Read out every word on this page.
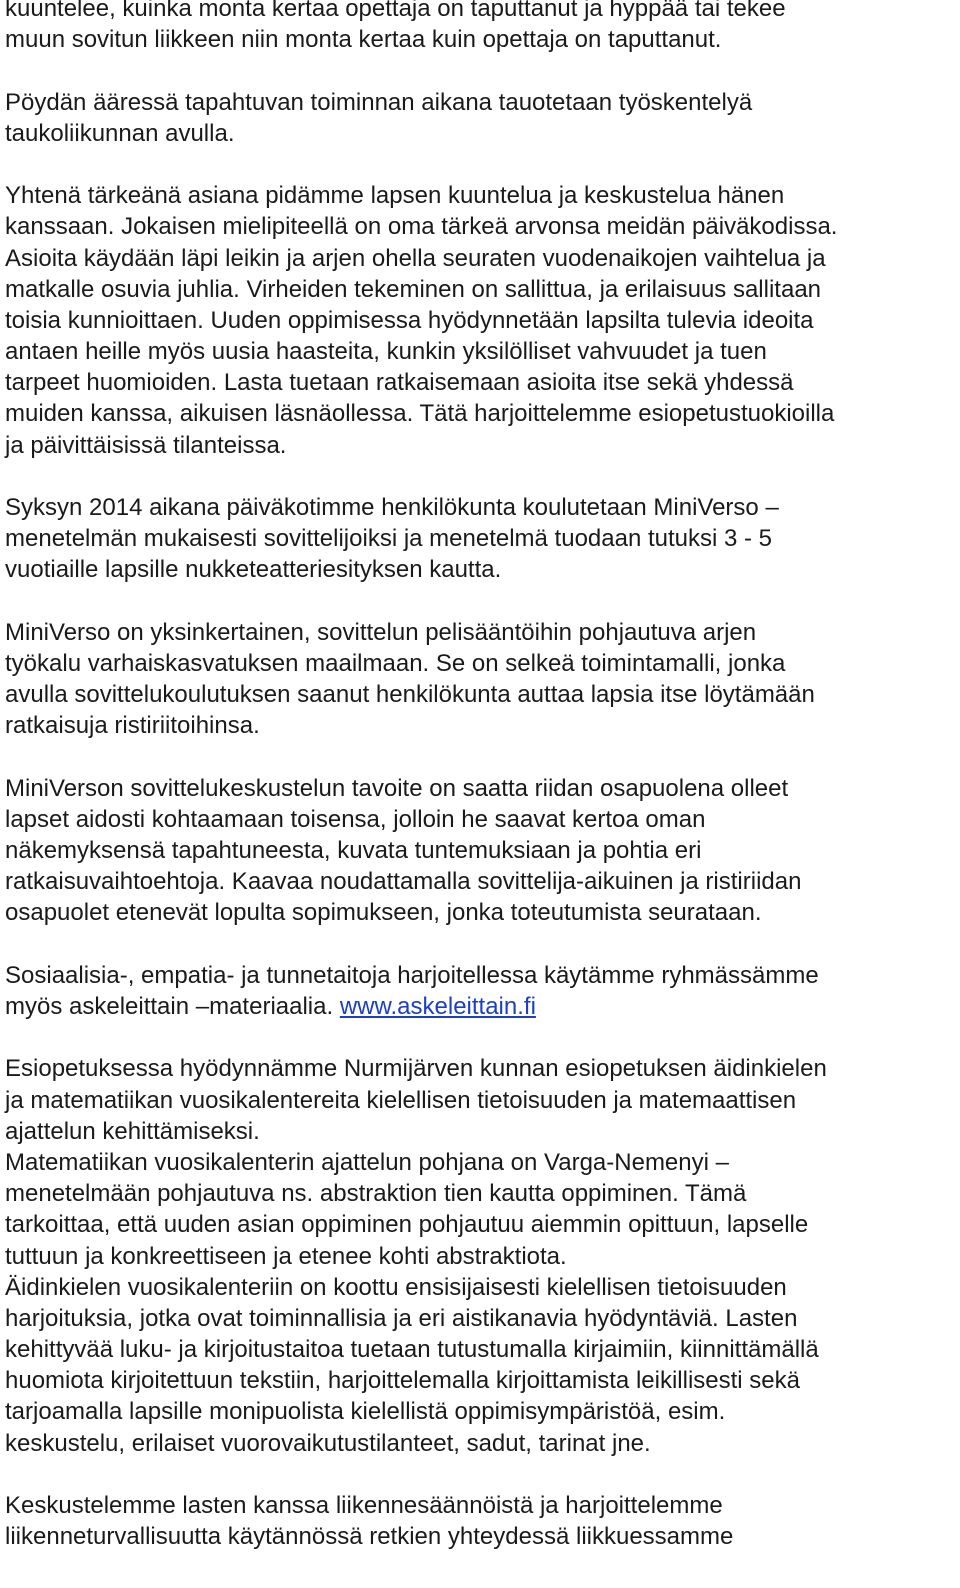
kuuntelee, kuinka monta kertaa opettaja on taputtanut ja hyppää tai tekee
muun sovitun liikkeen niin monta kertaa kuin opettaja on taputtanut.

Pöydän ääressä tapahtuvan toiminnan aikana tauotetaan työskentelyä
taukoliikunnan avulla.

Yhtenä tärkeänä asiana pidämme lapsen kuuntelua ja keskustelua hänen
kanssaan. Jokaisen mielipiteellä on oma tärkeä arvonsa meidän päiväkodissa.
Asioita käydään läpi leikin ja arjen ohella seuraten vuodenaikojen vaihtelua ja
matkalle osuvia juhlia. Virheiden tekeminen on sallittua, ja erilaisuus sallitaan
toisia kunnioittaen. Uuden oppimisessa hyödynnetään lapsilta tulevia ideoita
antaen heille myös uusia haasteita, kunkin yksilölliset vahvuudet ja tuen
tarpeet huomioiden. Lasta tuetaan ratkaisemaan asioita itse sekä yhdessä
muiden kanssa, aikuisen läsnäollessa. Tätä harjoittelemme esiopetustuokioilla
ja päivittäisissä tilanteissa.

Syksyn 2014 aikana päiväkotimme henkilökunta koulutetaan MiniVerso –
menetelmän mukaisesti sovittelijoiksi ja menetelmä tuodaan tutuksi 3 - 5
vuotiaille lapsille nukketeatteriesityksen kautta.

MiniVerso on yksinkertainen, sovittelun pelisääntöihin pohjautuva arjen
työkalu varhaiskasvatuksen maailmaan. Se on selkeä toimintamalli, jonka
avulla sovittelukoulutuksen saanut henkilökunta auttaa lapsia itse löytämään
ratkaisuja ristiriitoihinsa.

MiniVerson sovittelukeskustelun tavoite on saatta riidan osapuolena olleet
lapset aidosti kohtaamaan toisensa, jolloin he saavat kertoa oman
näkemyksensä tapahtuneesta, kuvata tuntemuksiaan ja pohtia eri
ratkaisuvaihtoehtoja. Kaavaa noudattamalla sovittelija-aikuinen ja ristiriidan
osapuolet etenevät lopulta sopimukseen, jonka toteutumista seurataan.

Sosiaalisia-, empatia- ja tunnetaitoja harjoitellessa käytämme ryhmässämme
myös askeleittain –materiaalia. www.askeleittain.fi

Esiopetuksessa hyödynnämme Nurmijärven kunnan esiopetuksen äidinkielen
ja matematiikan vuosikalentereita kielellisen tietoisuuden ja matemaattisen
ajattelun kehittämiseksi.
Matematiikan vuosikalenterin ajattelun pohjana on Varga-Nemenyi –
menetelmään pohjautuva ns. abstraktion tien kautta oppiminen. Tämä
tarkoittaa, että uuden asian oppiminen pohjautuu aiemmin opittuun, lapselle
tuttuun ja konkreettiseen ja etenee kohti abstraktiota.
Äidinkielen vuosikalenteriin on koottu ensisijaisesti kielellisen tietoisuuden
harjoituksia, jotka ovat toiminnallisia ja eri aistikanavia hyödyntäviä. Lasten
kehittyvää luku- ja kirjoitustaitoa tuetaan tutustumalla kirjaimiin, kiinnittämällä
huomiota kirjoitettuun tekstiin, harjoittelemalla kirjoittamista leikillisesti sekä
tarjoamalla lapsille monipuolista kielellistä oppimisympäristöä, esim.
keskustelu, erilaiset vuorovaikutustilanteet, sadut, tarinat jne.

Keskustelemme lasten kanssa liikennesäännöistä ja harjoittelemme
liikenneturvallisuutta käytännössä retkien yhteydessä liikkuessamme
